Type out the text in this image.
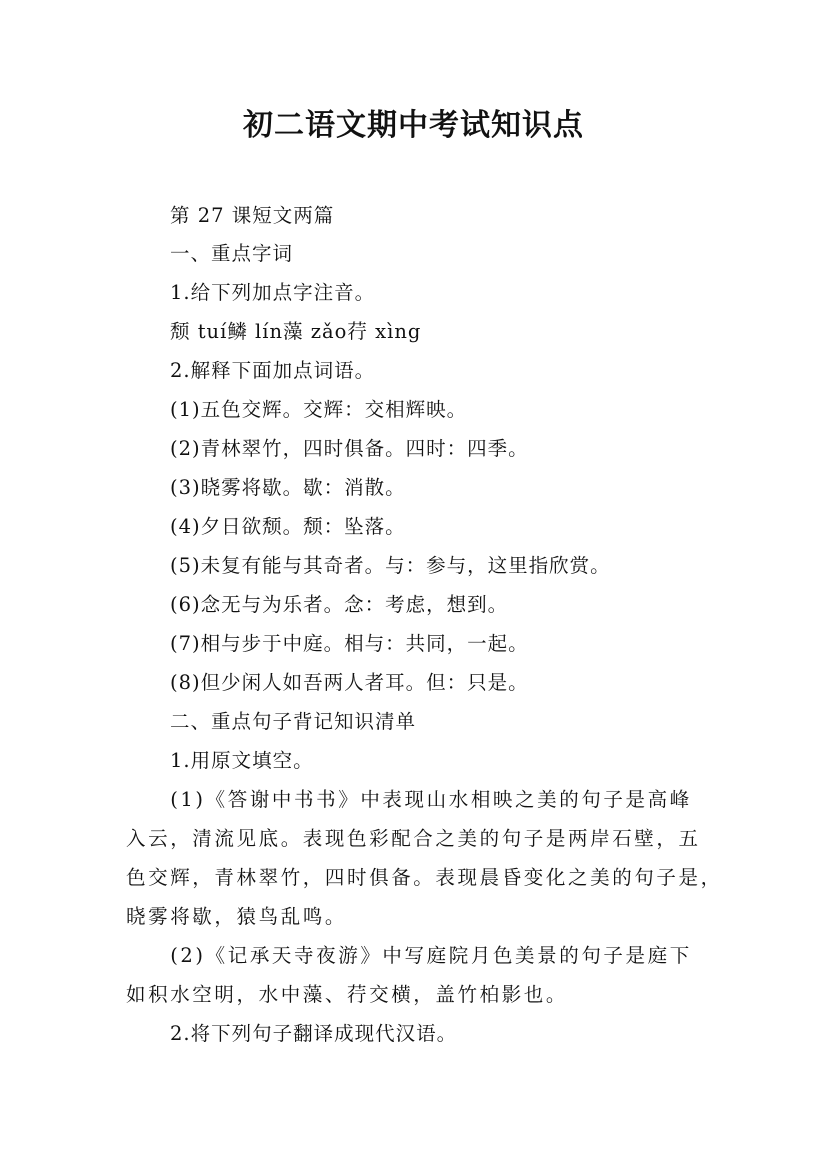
初二语文期中考试知识点
第 27 课短文两篇
一、重点字词
1.给下列加点字注音。
颓 tuí鳞 lín藻 zǎo荇 xìng
2.解释下面加点词语。
(1)五色交辉。交辉：交相辉映。
(2)青林翠竹，四时俱备。四时：四季。
(3)晓雾将歇。歇：消散。
(4)夕日欲颓。颓：坠落。
(5)未复有能与其奇者。与：参与，这里指欣赏。
(6)念无与为乐者。念：考虑，想到。
(7)相与步于中庭。相与：共同，一起。
(8)但少闲人如吾两人者耳。但：只是。
二、重点句子背记知识清单
1.用原文填空。
　　(1)《答谢中书书》中表现山水相映之美的句子是高峰
入云，清流见底。表现色彩配合之美的句子是两岸石壁，五
色交辉，青林翠竹，四时俱备。表现晨昏变化之美的句子是，
晓雾将歇，猿鸟乱鸣。
　　(2)《记承天寺夜游》中写庭院月色美景的句子是庭下
如积水空明，水中藻、荇交横，盖竹柏影也。
2.将下列句子翻译成现代汉语。
